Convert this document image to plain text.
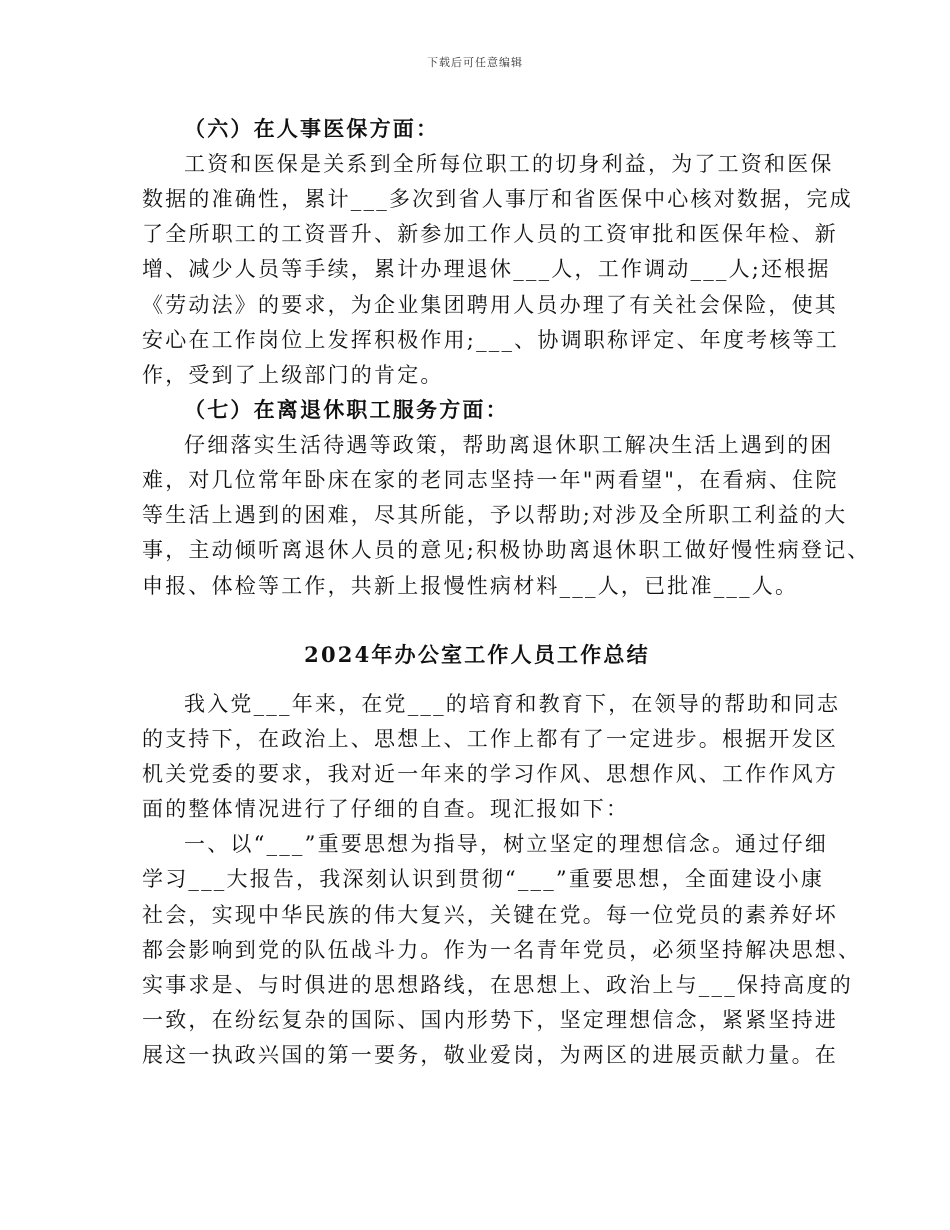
下载后可任意编辑
（六）在人事医保方面：
工资和医保是关系到全所每位职工的切身利益，为了工资和医保
数据的准确性，累计___多次到省人事厅和省医保中心核对数据，完成
了全所职工的工资晋升、新参加工作人员的工资审批和医保年检、新
增、减少人员等手续，累计办理退休___人，工作调动___人;还根据
《劳动法》的要求，为企业集团聘用人员办理了有关社会保险，使其
安心在工作岗位上发挥积极作用;___、协调职称评定、年度考核等工
作，受到了上级部门的肯定。
（七）在离退休职工服务方面：
仔细落实生活待遇等政策，帮助离退休职工解决生活上遇到的困
难，对几位常年卧床在家的老同志坚持一年"两看望"，在看病、住院
等生活上遇到的困难，尽其所能，予以帮助;对涉及全所职工利益的大
事，主动倾听离退休人员的意见;积极协助离退休职工做好慢性病登记、
申报、体检等工作，共新上报慢性病材料___人，已批准___人。
2024年办公室工作人员工作总结
我入党___年来，在党___的培育和教育下，在领导的帮助和同志
的支持下，在政治上、思想上、工作上都有了一定进步。根据开发区
机关党委的要求，我对近一年来的学习作风、思想作风、工作作风方
面的整体情况进行了仔细的自查。现汇报如下：
一、以“___”重要思想为指导，树立坚定的理想信念。通过仔细
学习___大报告，我深刻认识到贯彻“___”重要思想，全面建设小康
社会，实现中华民族的伟大复兴，关键在党。每一位党员的素养好坏
都会影响到党的队伍战斗力。作为一名青年党员，必须坚持解决思想、
实事求是、与时俱进的思想路线，在思想上、政治上与___保持高度的
一致，在纷纭复杂的国际、国内形势下，坚定理想信念，紧紧坚持进
展这一执政兴国的第一要务，敬业爱岗，为两区的进展贡献力量。在
